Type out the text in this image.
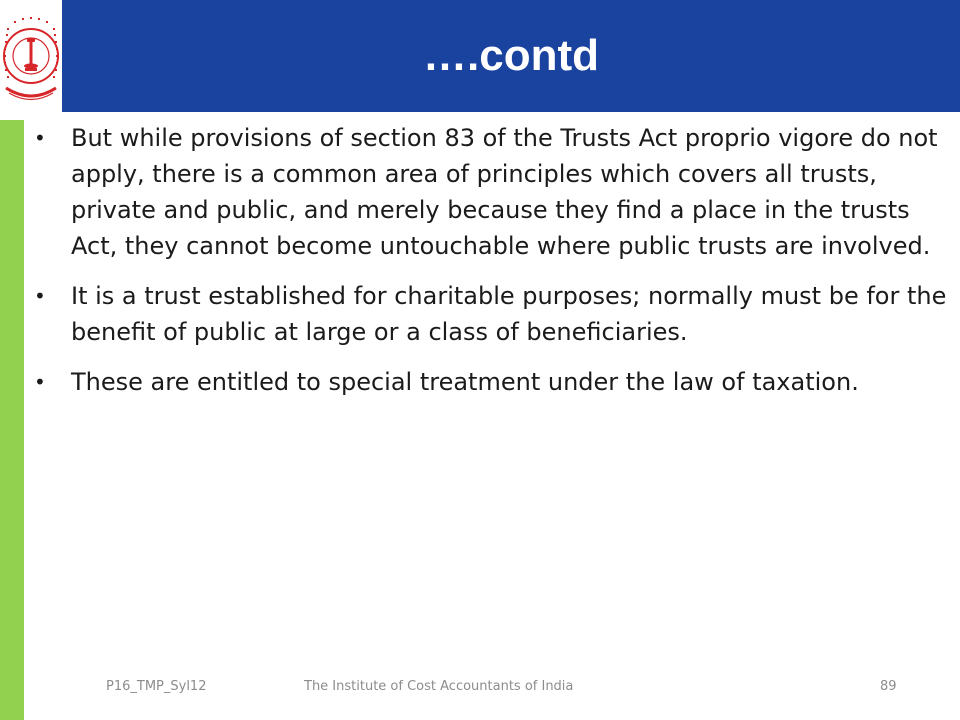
….contd
•	But while provisions of section 83 of the Trusts Act proprio vigore do not apply, there is a common area of principles which covers all trusts, private and public, and merely because they find a place in the trusts Act, they cannot become untouchable where public trusts are involved.
•	It is a trust established for charitable purposes; normally must be for the benefit of public at large or a class of beneficiaries.
•	These are entitled to special treatment under the law of taxation.
P16_TMP_Syl12	The Institute of Cost Accountants of India	89
